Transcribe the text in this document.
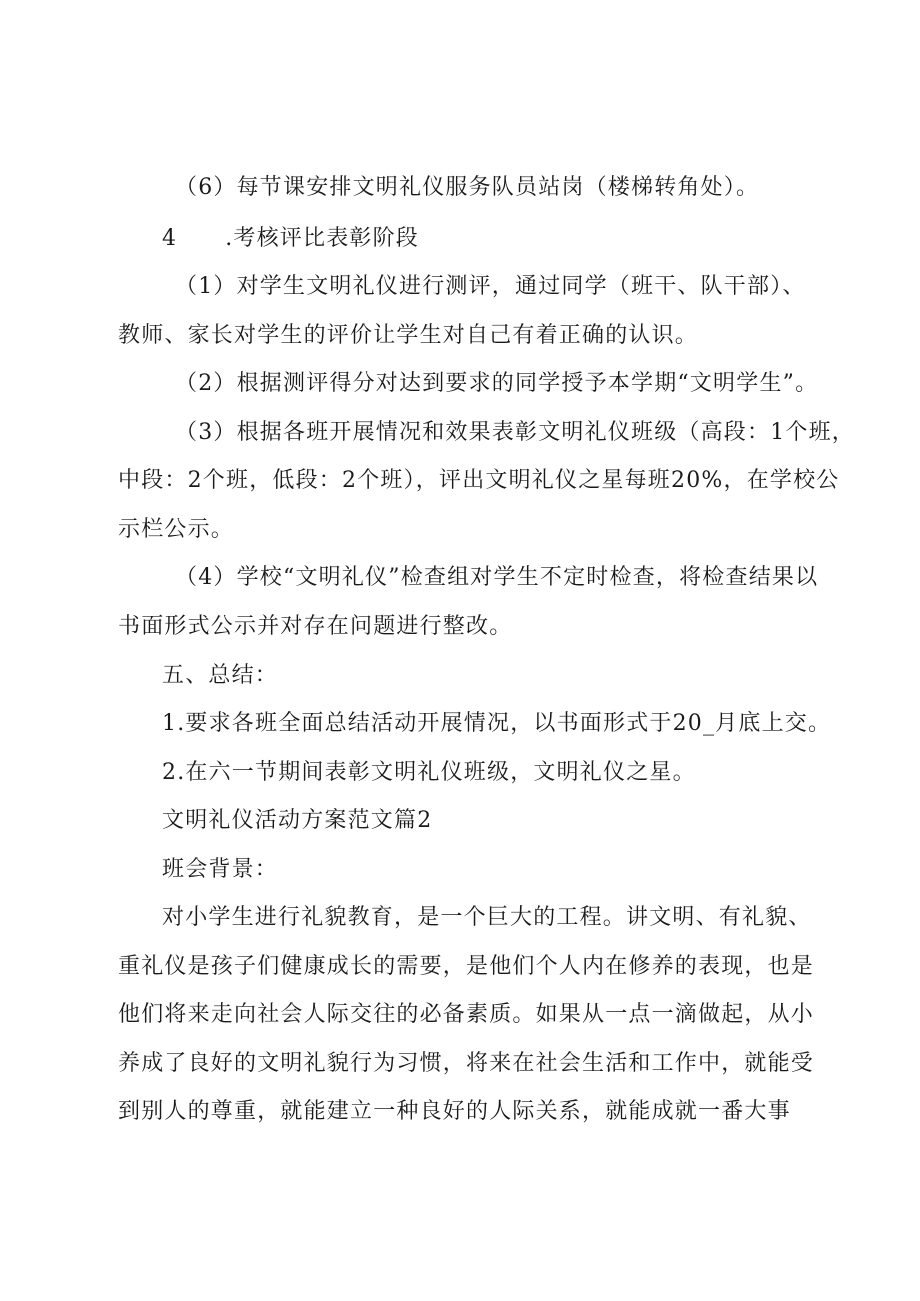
（6）每节课安排文明礼仪服务队员站岗（楼梯转角处）。
4 .考核评比表彰阶段
（1）对学生文明礼仪进行测评，通过同学（班干、队干部）、
教师、家长对学生的评价让学生对自己有着正确的认识。
（2）根据测评得分对达到要求的同学授予本学期“文明学生”。
（3）根据各班开展情况和效果表彰文明礼仪班级（高段：1个班，
中段：2个班，低段：2个班），评出文明礼仪之星每班20%，在学校公
示栏公示。
（4）学校“文明礼仪”检查组对学生不定时检查，将检查结果以
书面形式公示并对存在问题进行整改。
五、总结：
1.要求各班全面总结活动开展情况，以书面形式于20_月底上交。
2.在六一节期间表彰文明礼仪班级，文明礼仪之星。
文明礼仪活动方案范文篇2
班会背景：
对小学生进行礼貌教育，是一个巨大的工程。讲文明、有礼貌、
重礼仪是孩子们健康成长的需要，是他们个人内在修养的表现，也是
他们将来走向社会人际交往的必备素质。如果从一点一滴做起，从小
养成了良好的文明礼貌行为习惯，将来在社会生活和工作中，就能受
到别人的尊重，就能建立一种良好的人际关系，就能成就一番大事
